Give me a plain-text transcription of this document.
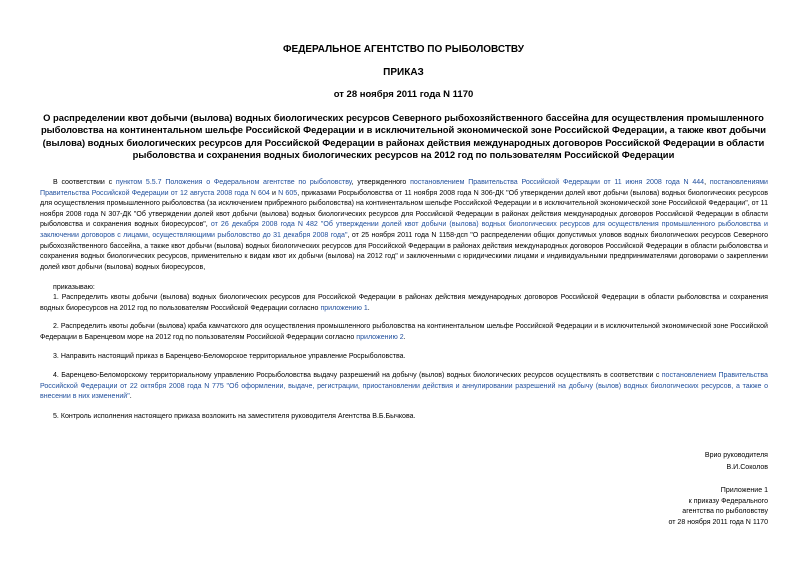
ФЕДЕРАЛЬНОЕ АГЕНТСТВО ПО РЫБОЛОВСТВУ
ПРИКАЗ
от 28 ноября 2011 года N 1170
О распределении квот добычи (вылова) водных биологических ресурсов Северного рыбохозяйственного бассейна для осуществления промышленного рыболовства на континентальном шельфе Российской Федерации и в исключительной экономической зоне Российской Федерации, а также квот добычи (вылова) водных биологических ресурсов для Российской Федерации в районах действия международных договоров Российской Федерации в области рыболовства и сохранения водных биологических ресурсов на 2012 год по пользователям Российской Федерации
В соответствии с пунктом 5.5.7 Положения о Федеральном агентстве по рыболовству, утвержденного постановлением Правительства Российской Федерации от 11 июня 2008 года N 444, постановлениями Правительства Российской Федерации от 12 августа 2008 года N 604 и N 605, приказами Росрыболовства от 11 ноября 2008 года N 306-ДК "Об утверждении долей квот добычи (вылова) водных биологических ресурсов для осуществления промышленного рыболовства (за исключением прибрежного рыболовства) на континентальном шельфе Российской Федерации и в исключительной экономической зоне Российской Федерации", от 11 ноября 2008 года N 307-ДК "Об утверждении долей квот добычи (вылова) водных биологических ресурсов для Российской Федерации в районах действия международных договоров Российской Федерации в области рыболовства и сохранения водных биоресурсов", от 26 декабря 2008 года N 482 "Об утверждении долей квот добычи (вылова) водных биологических ресурсов для осуществления промышленного рыболовства и заключении договоров с лицами, осуществляющими рыболовство до 31 декабря 2008 года", от 25 ноября 2011 года N 1158-дсп "О распределении общих допустимых уловов водных биологических ресурсов Северного рыбохозяйственного бассейна, а также квот добычи (вылова) водных биологических ресурсов для Российской Федерации в районах действия международных договоров Российской Федерации в области рыболовства и сохранения водных биологических ресурсов, применительно к видам квот их добычи (вылова) на 2012 год" и заключенными с юридическими лицами и индивидуальными предпринимателями договорами о закреплении долей квот добычи (вылова) водных биоресурсов,
приказываю:
1. Распределить квоты добычи (вылова) водных биологических ресурсов для Российской Федерации в районах действия международных договоров Российской Федерации в области рыболовства и сохранения водных биоресурсов на 2012 год по пользователям Российской Федерации согласно приложению 1.
2. Распределить квоты добычи (вылова) краба камчатского для осуществления промышленного рыболовства на континентальном шельфе Российской Федерации и в исключительной экономической зоне Российской Федерации в Баренцевом море на 2012 год по пользователям Российской Федерации согласно приложению 2.
3. Направить настоящий приказ в Баренцево-Беломорское территориальное управление Росрыболовства.
4. Баренцево-Беломорскому территориальному управлению Росрыболовства выдачу разрешений на добычу (вылов) водных биологических ресурсов осуществлять в соответствии с постановлением Правительства Российской Федерации от 22 октября 2008 года N 775 "Об оформлении, выдаче, регистрации, приостановлении действия и аннулировании разрешений на добычу (вылов) водных биологических ресурсов, а также о внесении в них изменений".
5. Контроль исполнения настоящего приказа возложить на заместителя руководителя Агентства В.Б.Бычкова.
Врио руководителя
В.И.Соколов
Приложение 1
к приказу Федерального
агентства по рыболовству
от 28 ноября 2011 года N 1170
